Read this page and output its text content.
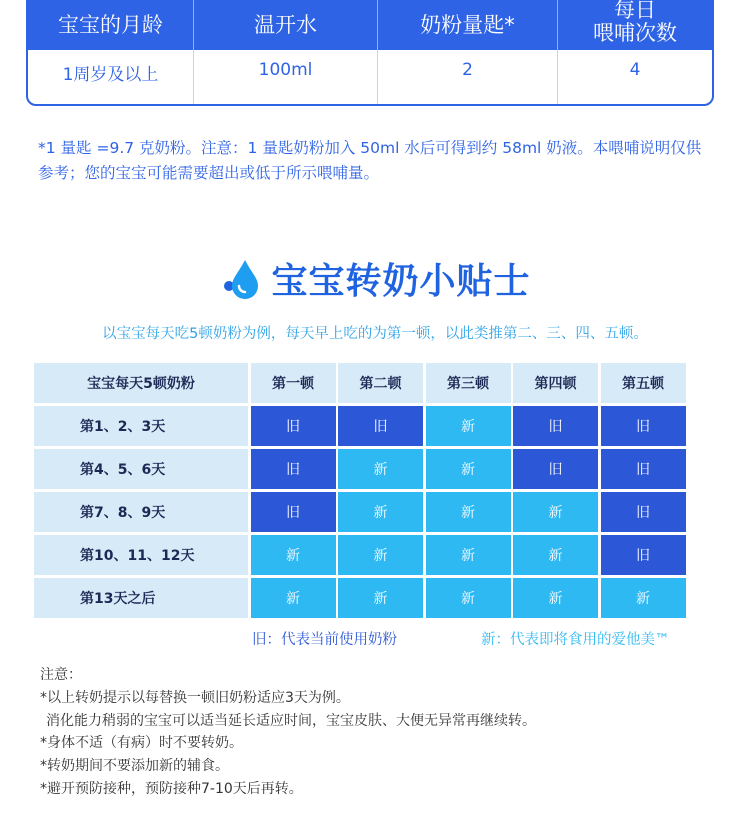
宝宝的月龄	温开水	奶粉量匙*
每日
喂哺次数
1周岁及以上	100ml	2	4
*1 量匙 =9.7 克奶粉。注意：1 量匙奶粉加入 50ml 水后可得到约 58ml 奶液。本喂哺说明仅供参考；您的宝宝可能需要超出或低于所示喂哺量。
宝宝转奶小贴士
以宝宝每天吃5顿奶粉为例，每天早上吃的为第一顿，以此类推第二、三、四、五顿。
宝宝每天5顿奶粉	第一顿	第二顿	第三顿	第四顿	第五顿
第1、2、3天	旧	旧	新	旧	旧
第4、5、6天	旧	新	新	旧	旧
第7、8、9天	旧	新	新	新	旧
第10、11、12天	新	新	新	新	旧
第13天之后	新	新	新	新	新
旧：代表当前使用奶粉	新：代表即将食用的爱他美™
注意：
*以上转奶提示以每替换一顿旧奶粉适应3天为例。
消化能力稍弱的宝宝可以适当延长适应时间，宝宝皮肤、大便无异常再继续转。
*身体不适（有病）时不要转奶。
*转奶期间不要添加新的辅食。
*避开预防接种，预防接种7-10天后再转。
